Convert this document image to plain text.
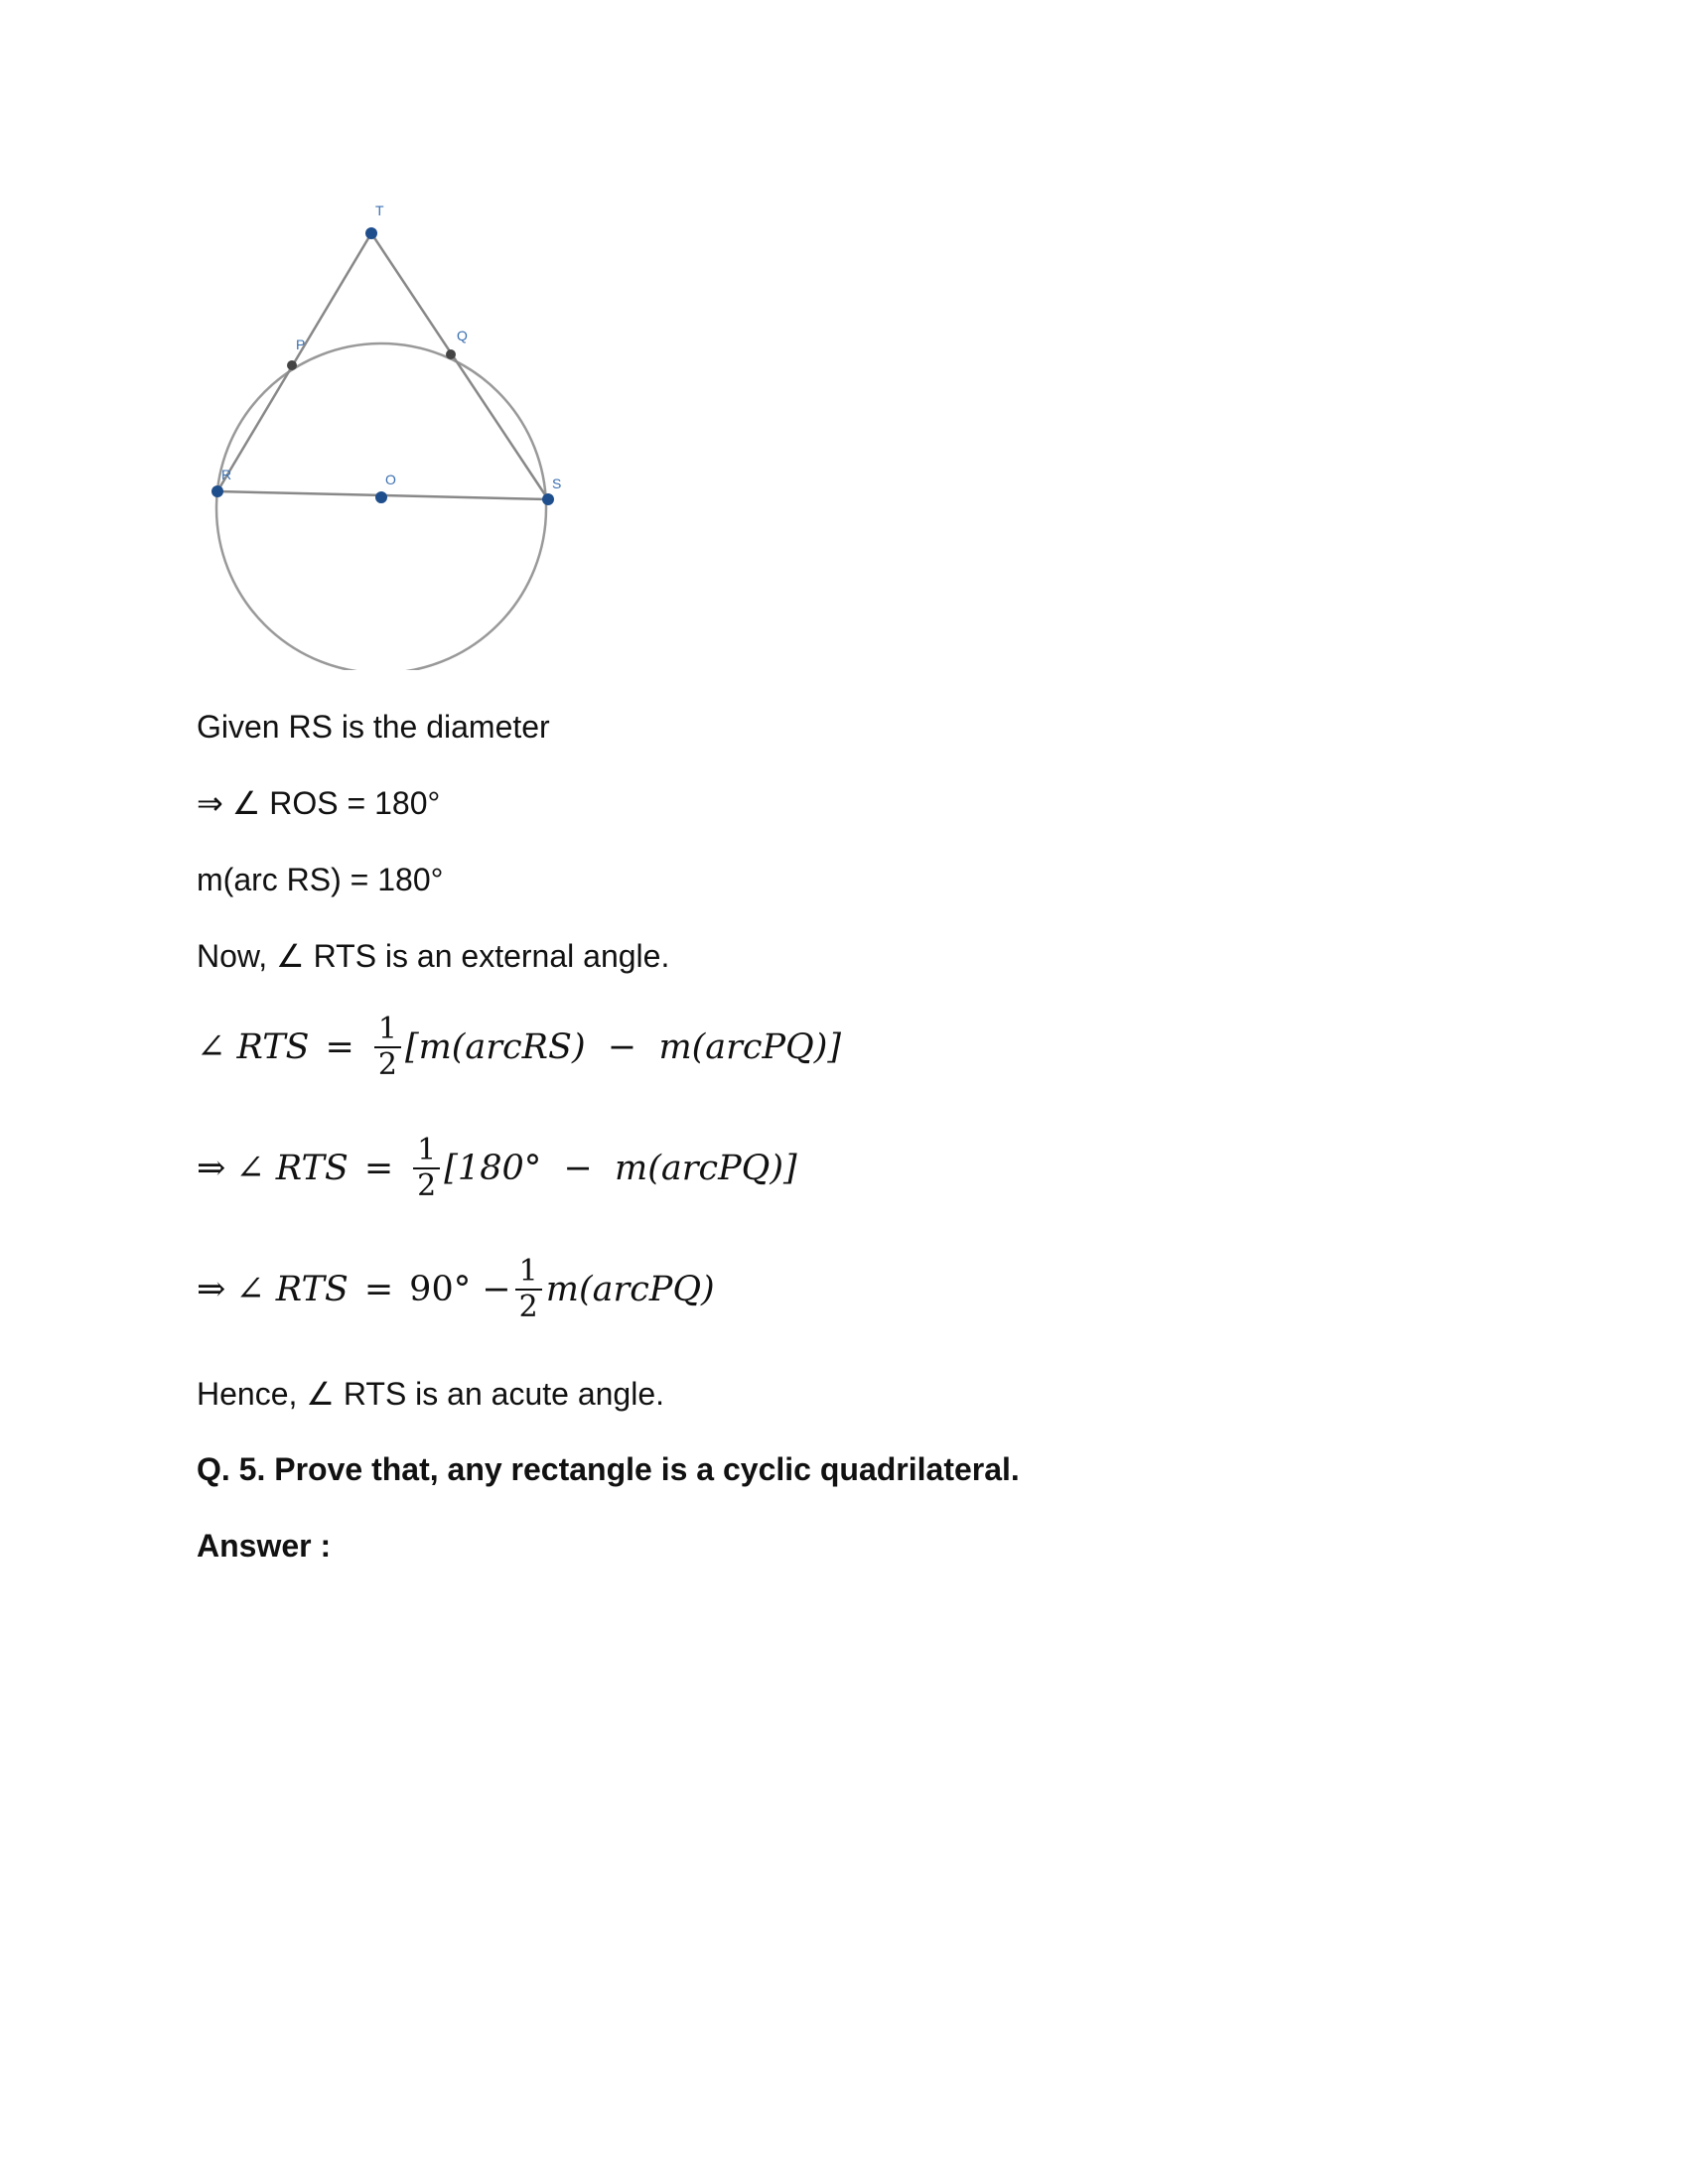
T
P
Q
R	O	S
Given RS is the diameter
⇒ ∠ ROS = 180°
m(arc RS) = 180°
Now, ∠ RTS is an external angle.
∠ RTS = $\frac{1}{2}$ [m(arcRS)  −  m(arcPQ)]
⇒ ∠ RTS = $\frac{1}{2} [180^\circ$  −  m(arcPQ)]
⇒ ∠ RTS = $90^\circ - \frac{1}{2}$ m(arcPQ)
Hence, ∠ RTS is an acute angle.
Q. 5. Prove that, any rectangle is a cyclic quadrilateral.
Answer :
